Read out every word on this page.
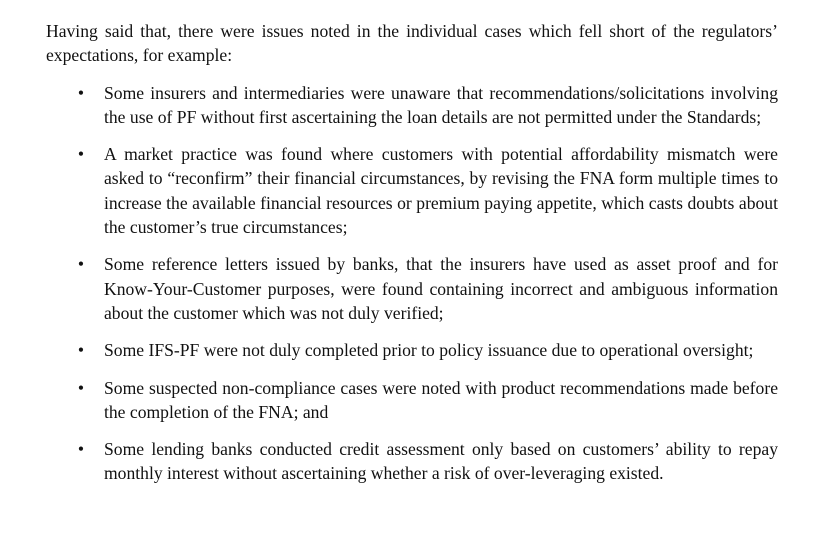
Having said that, there were issues noted in the individual cases which fell short of the regulators’ expectations, for example:

• Some insurers and intermediaries were unaware that recommendations/solicitations involving the use of PF without first ascertaining the loan details are not permitted under the Standards;
• A market practice was found where customers with potential affordability mismatch were asked to “reconfirm” their financial circumstances, by revising the FNA form multiple times to increase the available financial resources or premium paying appetite, which casts doubts about the customer’s true circumstances;
• Some reference letters issued by banks, that the insurers have used as asset proof and for Know-Your-Customer purposes, were found containing incorrect and ambiguous information about the customer which was not duly verified;
• Some IFS-PF were not duly completed prior to policy issuance due to operational oversight;
• Some suspected non-compliance cases were noted with product recommendations made before the completion of the FNA; and
• Some lending banks conducted credit assessment only based on customers’ ability to repay monthly interest without ascertaining whether a risk of over-leveraging existed.
